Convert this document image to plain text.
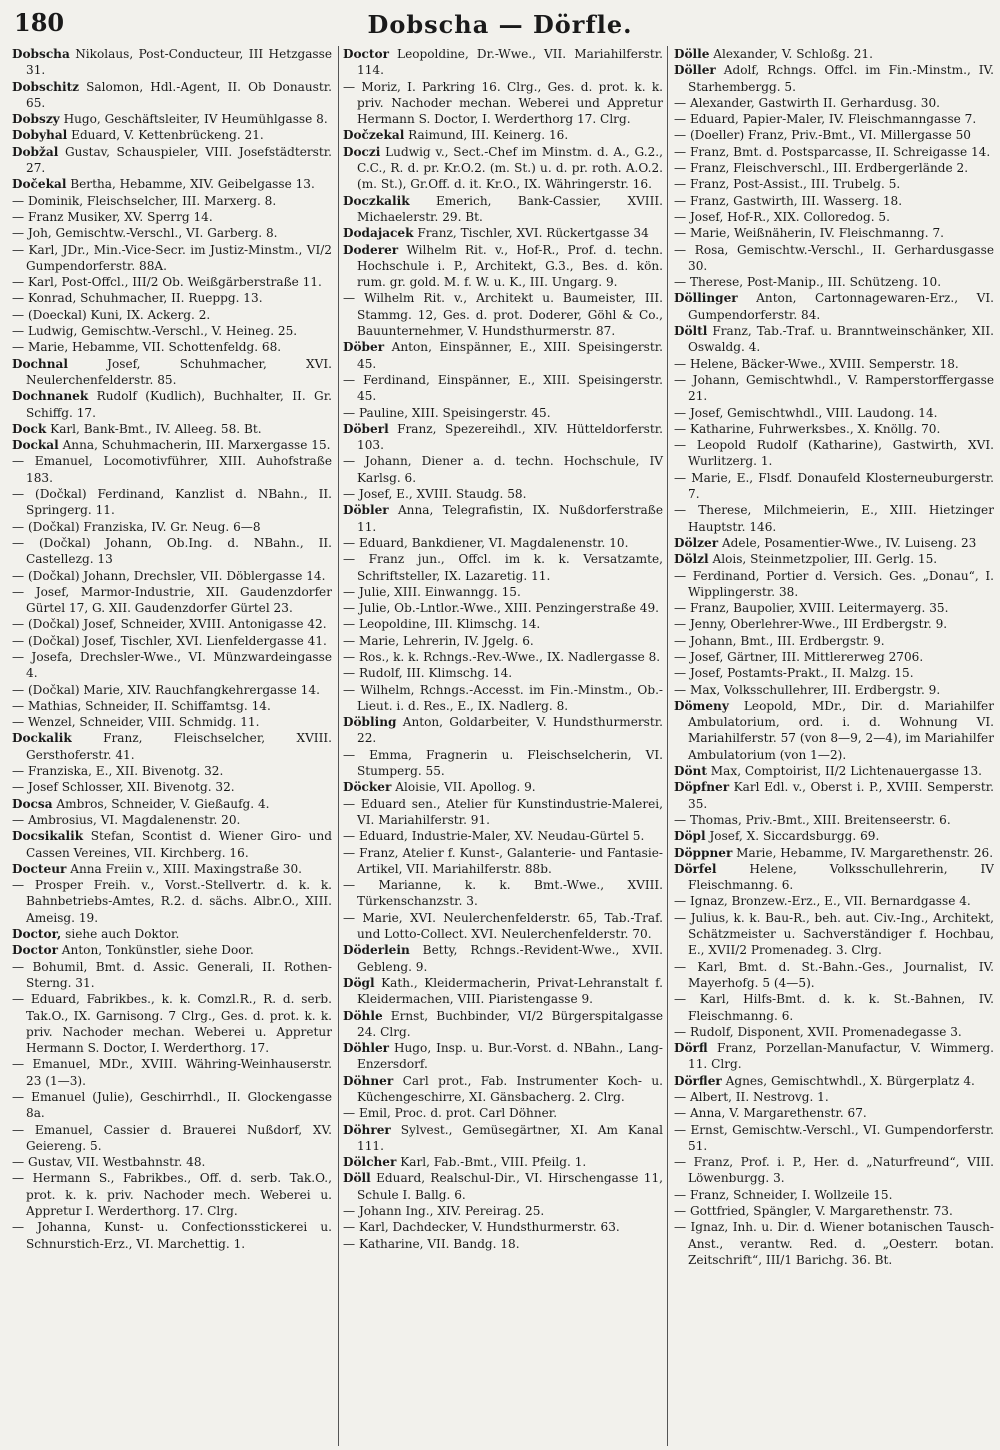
180	Dobscha — Dörfle.
Dobscha Nikolaus, Post-Conducteur, III Hetzgasse 31.
Dobschitz Salomon, Hdl.-Agent, II. Ob Donaustr. 65.
Dobszy Hugo, Geschäftsleiter, IV Heumühlgasse 8.
Dobyhal Eduard, V. Kettenbrückeng. 21.
Dobžal Gustav, Schauspieler, VIII. Josefstädterstr. 27.
Dočekal Bertha, Hebamme, XIV. Geibelgasse 13.
— Dominik, Fleischselcher, III. Marxerg. 8.
— Franz Musiker, XV. Sperrg 14.
— Joh, Gemischtw.-Verschl., VI. Garberg. 8.
— Karl, JDr., Min.-Vice-Secr. im Justiz-Minstm., VI/2 Gumpendorferstr. 88A.
— Karl, Post-Offcl., III/2 Ob. Weißgärberstraße 11.
— Konrad, Schuhmacher, II. Rueppg. 13.
— (Doeckal) Kuni, IX. Ackerg. 2.
— Ludwig, Gemischtw.-Verschl., V. Heineg. 25.
— Marie, Hebamme, VII. Schottenfeldg. 68.
Dochnal Josef, Schuhmacher, XVI. Neulerchenfelderstr. 85.
Dochnanek Rudolf (Kudlich), Buchhalter, II. Gr. Schiffg. 17.
Dock Karl, Bank-Bmt., IV. Alleeg. 58. Bt.
Dockal Anna, Schuhmacherin, III. Marxergasse 15.
— Emanuel, Locomotivführer, XIII. Auhofstraße 183.
— (Dočkal) Ferdinand, Kanzlist d. NBahn., II. Springerg. 11.
— (Dočkal) Franziska, IV. Gr. Neug. 6—8
— (Dočkal) Johann, Ob.Ing. d. NBahn., II. Castellezg. 13
— (Dočkal) Johann, Drechsler, VII. Döblergasse 14.
— Josef, Marmor-Industrie, XII. Gaudenzdorfer Gürtel 17, G. XII. Gaudenzdorfer Gürtel 23.
— (Dočkal) Josef, Schneider, XVIII. Antonigasse 42.
— (Dočkal) Josef, Tischler, XVI. Lienfeldergasse 41.
— Josefa, Drechsler-Wwe., VI. Münzwardeingasse 4.
— (Dočkal) Marie, XIV. Rauchfangkehrergasse 14.
— Mathias, Schneider, II. Schiffamtsg. 14.
— Wenzel, Schneider, VIII. Schmidg. 11.
Dockalik Franz, Fleischselcher, XVIII. Gersthoferstr. 41.
— Franziska, E., XII. Bivenotg. 32.
— Josef Schlosser, XII. Bivenotg. 32.
Docsa Ambros, Schneider, V. Gießaufg. 4.
— Ambrosius, VI. Magdalenenstr. 20.
Docsikalik Stefan, Scontist d. Wiener Giro- und Cassen Vereines, VII. Kirchberg. 16.
Docteur Anna Freiin v., XIII. Maxingstraße 30.
— Prosper Freih. v., Vorst.-Stellvertr. d. k. k. Bahnbetriebs-Amtes, R.2. d. sächs. Albr.O., XIII. Ameisg. 19.
Doctor, siehe auch Doktor.
Doctor Anton, Tonkünstler, siehe Door.
— Bohumil, Bmt. d. Assic. Generali, II. Rothen-Sterng. 31.
— Eduard, Fabrikbes., k. k. Comzl.R., R. d. serb. Tak.O., IX. Garnisong. 7 Clrg., Ges. d. prot. k. k. priv. Nachoder mechan. Weberei u. Appretur Hermann S. Doctor, I. Werderthorg. 17.
— Emanuel, MDr., XVIII. Währing-Weinhauserstr. 23 (1—3).
— Emanuel (Julie), Geschirrhdl., II. Glockengasse 8a.
— Emanuel, Cassier d. Brauerei Nußdorf, XV. Geiereng. 5.
— Gustav, VII. Westbahnstr. 48.
— Hermann S., Fabrikbes., Off. d. serb. Tak.O., prot. k. k. priv. Nachoder mech. Weberei u. Appretur I. Werderthorg. 17. Clrg.
— Johanna, Kunst- u. Confectionsstickerei u. Schnurstich-Erz., VI. Marchettig. 1.
Doctor Leopoldine, Dr.-Wwe., VII. Mariahilferstr. 114.
— Moriz, I. Parkring 16. Clrg., Ges. d. prot. k. k. priv. Nachoder mechan. Weberei und Appretur Hermann S. Doctor, I. Werderthorg 17. Clrg.
Dočzekal Raimund, III. Keinerg. 16.
Doczi Ludwig v., Sect.-Chef im Minstm. d. A., G.2., C.C., R. d. pr. Kr.O.2. (m. St.) u. d. pr. roth. A.O.2. (m. St.), Gr.Off. d. it. Kr.O., IX. Währingerstr. 16.
Doczkalik Emerich, Bank-Cassier, XVIII. Michaelerstr. 29. Bt.
Dodajacek Franz, Tischler, XVI. Rückertgasse 34
Doderer Wilhelm Rit. v., Hof-R., Prof. d. techn. Hochschule i. P., Architekt, G.3., Bes. d. kön. rum. gr. gold. M. f. W. u. K., III. Ungarg. 9.
— Wilhelm Rit. v., Architekt u. Baumeister, III. Stammg. 12, Ges. d. prot. Doderer, Göhl & Co., Bauunternehmer, V. Hundsthurmerstr. 87.
Döber Anton, Einspänner, E., XIII. Speisingerstr. 45.
— Ferdinand, Einspänner, E., XIII. Speisingerstr. 45.
— Pauline, XIII. Speisingerstr. 45.
Döberl Franz, Spezereihdl., XIV. Hütteldorferstr. 103.
— Johann, Diener a. d. techn. Hochschule, IV Karlsg. 6.
— Josef, E., XVIII. Staudg. 58.
Döbler Anna, Telegrafistin, IX. Nußdorferstraße 11.
— Eduard, Bankdiener, VI. Magdalenenstr. 10.
— Franz jun., Offcl. im k. k. Versatzamte, Schriftsteller, IX. Lazaretig. 11.
— Julie, XIII. Einwanngg. 15.
— Julie, Ob.-Lntlor.-Wwe., XIII. Penzingerstraße 49.
— Leopoldine, III. Klimschg. 14.
— Marie, Lehrerin, IV. Jgelg. 6.
— Ros., k. k. Rchngs.-Rev.-Wwe., IX. Nadlergasse 8.
— Rudolf, III. Klimschg. 14.
— Wilhelm, Rchngs.-Accesst. im Fin.-Minstm., Ob.-Lieut. i. d. Res., E., IX. Nadlerg. 8.
Döbling Anton, Goldarbeiter, V. Hundsthurmerstr. 22.
— Emma, Fragnerin u. Fleischselcherin, VI. Stumperg. 55.
Döcker Aloisie, VII. Apollog. 9.
— Eduard sen., Atelier für Kunstindustrie-Malerei, VI. Mariahilferstr. 91.
— Eduard, Industrie-Maler, XV. Neudau-Gürtel 5.
— Franz, Atelier f. Kunst-, Galanterie- und Fantasie-Artikel, VII. Mariahilferstr. 88b.
— Marianne, k. k. Bmt.-Wwe., XVIII. Türkenschanzstr. 3.
— Marie, XVI. Neulerchenfelderstr. 65, Tab.-Traf. und Lotto-Collect. XVI. Neulerchenfelderstr. 70.
Döderlein Betty, Rchngs.-Revident-Wwe., XVII. Gebleng. 9.
Dögl Kath., Kleidermacherin, Privat-Lehranstalt f. Kleidermachen, VIII. Piaristengasse 9.
Döhle Ernst, Buchbinder, VI/2 Bürgerspitalgasse 24. Clrg.
Döhler Hugo, Insp. u. Bur.-Vorst. d. NBahn., Lang-Enzersdorf.
Döhner Carl prot., Fab. Instrumenter Koch- u. Küchengeschirre, XI. Gänsbacherg. 2. Clrg.
— Emil, Proc. d. prot. Carl Döhner.
Döhrer Sylvest., Gemüsegärtner, XI. Am Kanal 111.
Dölcher Karl, Fab.-Bmt., VIII. Pfeilg. 1.
Döll Eduard, Realschul-Dir., VI. Hirschengasse 11, Schule I. Ballg. 6.
— Johann Ing., XIV. Pereirag. 25.
— Karl, Dachdecker, V. Hundsthurmerstr. 63.
— Katharine, VII. Bandg. 18.
Dölle Alexander, V. Schloßg. 21.
Döller Adolf, Rchngs. Offcl. im Fin.-Minstm., IV. Starhembergg. 5.
— Alexander, Gastwirth II. Gerhardusg. 30.
— Eduard, Papier-Maler, IV. Fleischmanngasse 7.
— (Doeller) Franz, Priv.-Bmt., VI. Millergasse 50
— Franz, Bmt. d. Postsparcasse, II. Schreigasse 14.
— Franz, Fleischverschl., III. Erdbergerlände 2.
— Franz, Post-Assist., III. Trubelg. 5.
— Franz, Gastwirth, III. Wasserg. 18.
— Josef, Hof-R., XIX. Colloredog. 5.
— Marie, Weißnäherin, IV. Fleischmanng. 7.
— Rosa, Gemischtw.-Verschl., II. Gerhardusgasse 30.
— Therese, Post-Manip., III. Schützeng. 10.
Döllinger Anton, Cartonnagewaren-Erz., VI. Gumpendorferstr. 84.
Döltl Franz, Tab.-Traf. u. Branntweinschänker, XII. Oswaldg. 4.
— Helene, Bäcker-Wwe., XVIII. Semperstr. 18.
— Johann, Gemischtwhdl., V. Ramperstorffergasse 21.
— Josef, Gemischtwhdl., VIII. Laudong. 14.
— Katharine, Fuhrwerksbes., X. Knöllg. 70.
— Leopold Rudolf (Katharine), Gastwirth, XVI. Wurlitzerg. 1.
— Marie, E., Flsdf. Donaufeld Klosterneuburgerstr. 7.
— Therese, Milchmeierin, E., XIII. Hietzinger Hauptstr. 146.
Dölzer Adele, Posamentier-Wwe., IV. Luiseng. 23
Dölzl Alois, Steinmetzpolier, III. Gerlg. 15.
— Ferdinand, Portier d. Versich. Ges. „Donau“, I. Wipplingerstr. 38.
— Franz, Baupolier, XVIII. Leitermayerg. 35.
— Jenny, Oberlehrer-Wwe., III Erdbergstr. 9.
— Johann, Bmt., III. Erdbergstr. 9.
— Josef, Gärtner, III. Mittlererweg 2706.
— Josef, Postamts-Prakt., II. Malzg. 15.
— Max, Volksschullehrer, III. Erdbergstr. 9.
Dömeny Leopold, MDr., Dir. d. Mariahilfer Ambulatorium, ord. i. d. Wohnung VI. Mariahilferstr. 57 (von 8—9, 2—4), im Mariahilfer Ambulatorium (von 1—2).
Dönt Max, Comptoirist, II/2 Lichtenauergasse 13.
Döpfner Karl Edl. v., Oberst i. P., XVIII. Semperstr. 35.
— Thomas, Priv.-Bmt., XIII. Breitenseerstr. 6.
Döpl Josef, X. Siccardsburgg. 69.
Döppner Marie, Hebamme, IV. Margarethenstr. 26.
Dörfel Helene, Volksschullehrerin, IV Fleischmanng. 6.
— Ignaz, Bronzew.-Erz., E., VII. Bernardgasse 4.
— Julius, k. k. Bau-R., beh. aut. Civ.-Ing., Architekt, Schätzmeister u. Sachverständiger f. Hochbau, E., XVII/2 Promenadeg. 3. Clrg.
— Karl, Bmt. d. St.-Bahn.-Ges., Journalist, IV. Mayerhofg. 5 (4—5).
— Karl, Hilfs-Bmt. d. k. k. St.-Bahnen, IV. Fleischmanng. 6.
— Rudolf, Disponent, XVII. Promenadegasse 3.
Dörfl Franz, Porzellan-Manufactur, V. Wimmerg. 11. Clrg.
Dörfler Agnes, Gemischtwhdl., X. Bürgerplatz 4.
— Albert, II. Nestrovg. 1.
— Anna, V. Margarethenstr. 67.
— Ernst, Gemischtw.-Verschl., VI. Gumpendorferstr. 51.
— Franz, Prof. i. P., Her. d. „Naturfreund“, VIII. Löwenburgg. 3.
— Franz, Schneider, I. Wollzeile 15.
— Gottfried, Spängler, V. Margarethenstr. 73.
— Ignaz, Inh. u. Dir. d. Wiener botanischen Tausch-Anst., verantw. Red. d. „Oesterr. botan. Zeitschrift“, III/1 Barichg. 36. Bt.
